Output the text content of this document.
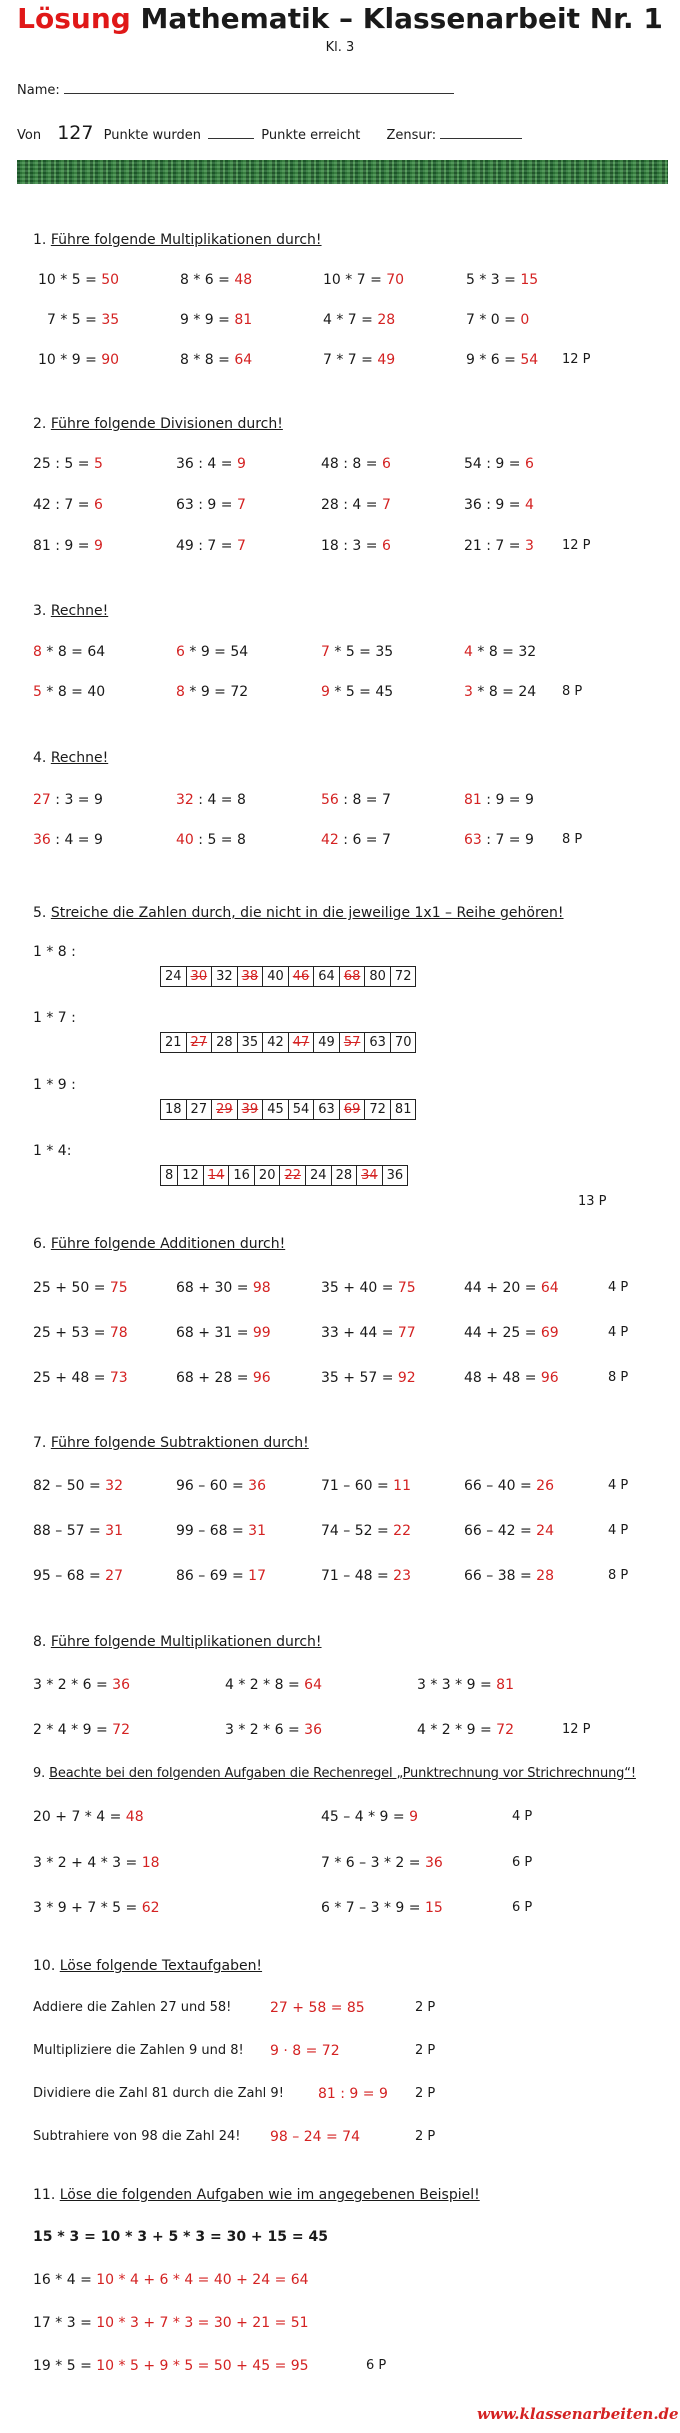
Lösung Mathematik – Klassenarbeit Nr. 1
Kl. 3
Name:
Von 127 Punkte wurden	Punkte erreicht Zensur:
1. Führe folgende Multiplikationen durch!
10 * 5 = 50	8 * 6 = 48	10 * 7 = 70	5 * 3 = 15
7 * 5 = 35	9 * 9 = 81	4 * 7 = 28	7 * 0 = 0
10 * 9 = 90	8 * 8 = 64	7 * 7 = 49	9 * 6 = 54 12 P
2. Führe folgende Divisionen durch!
25 : 5 = 5	36 : 4 = 9	48 : 8 = 6	54 : 9 = 6
42 : 7 = 6	63 : 9 = 7	28 : 4 = 7	36 : 9 = 4
81 : 9 = 9	49 : 7 = 7	18 : 3 = 6	21 : 7 = 3 12 P
3. Rechne!
8 * 8 = 64	6 * 9 = 54	7 * 5 = 35	4 * 8 = 32
5 * 8 = 40	8 * 9 = 72	9 * 5 = 45	3 * 8 = 24 8 P
4. Rechne!
27 : 3 = 9	32 : 4 = 8	56 : 8 = 7	81 : 9 = 9
36 : 4 = 9	40 : 5 = 8	42 : 6 = 7	63 : 7 = 9 8 P
5. Streiche die Zahlen durch, die nicht in die jeweilige 1x1 – Reihe gehören!
1 * 8 :
24	30	32	38	40	46	64	68	80	72
1 * 7 :
21	27	28	35	42	47	49	57	63	70
1 * 9 :
18	27	29	39	45	54	63	69	72	81
1 * 4:
8	12	14	16	20	22	24	28	34	36
13 P
6. Führe folgende Additionen durch!
25 + 50 = 75	68 + 30 = 98	35 + 40 = 75	44 + 20 = 64	4 P
25 + 53 = 78	68 + 31 = 99	33 + 44 = 77	44 + 25 = 69	4 P
25 + 48 = 73	68 + 28 = 96	35 + 57 = 92	48 + 48 = 96	8 P
7. Führe folgende Subtraktionen durch!
82 – 50 = 32	96 – 60 = 36	71 – 60 = 11	66 – 40 = 26	4 P
88 – 57 = 31	99 – 68 = 31	74 – 52 = 22	66 – 42 = 24	4 P
95 – 68 = 27	86 – 69 = 17	71 – 48 = 23	66 – 38 = 28	8 P
8. Führe folgende Multiplikationen durch!
3 * 2 * 6 = 36	4 * 2 * 8 = 64	3 * 3 * 9 = 81
2 * 4 * 9 = 72	3 * 2 * 6 = 36	4 * 2 * 9 = 72	12 P
9. Beachte bei den folgenden Aufgaben die Rechenregel „Punktrechnung vor Strichrechnung“!
20 + 7 * 4 = 48	45 – 4 * 9 = 9	4 P
3 * 2 + 4 * 3 = 18	7 * 6 – 3 * 2 = 36	6 P
3 * 9 + 7 * 5 = 62	6 * 7 – 3 * 9 = 15	6 P
10. Löse folgende Textaufgaben!
Addiere die Zahlen 27 und 58!	27 + 58 = 85	2 P
Multipliziere die Zahlen 9 und 8! 9 · 8 = 72	2 P
Dividiere die Zahl 81 durch die Zahl 9! 81 : 9 = 9 2 P
Subtrahiere von 98 die Zahl 24! 98 – 24 = 74	2 P
11. Löse die folgenden Aufgaben wie im angegebenen Beispiel!
15 * 3 = 10 * 3 + 5 * 3 = 30 + 15 = 45
16 * 4 = 10 * 4 + 6 * 4 = 40 + 24 = 64
17 * 3 = 10 * 3 + 7 * 3 = 30 + 21 = 51
19 * 5 = 10 * 5 + 9 * 5 = 50 + 45 = 95	6 P
www.klassenarbeiten.de
